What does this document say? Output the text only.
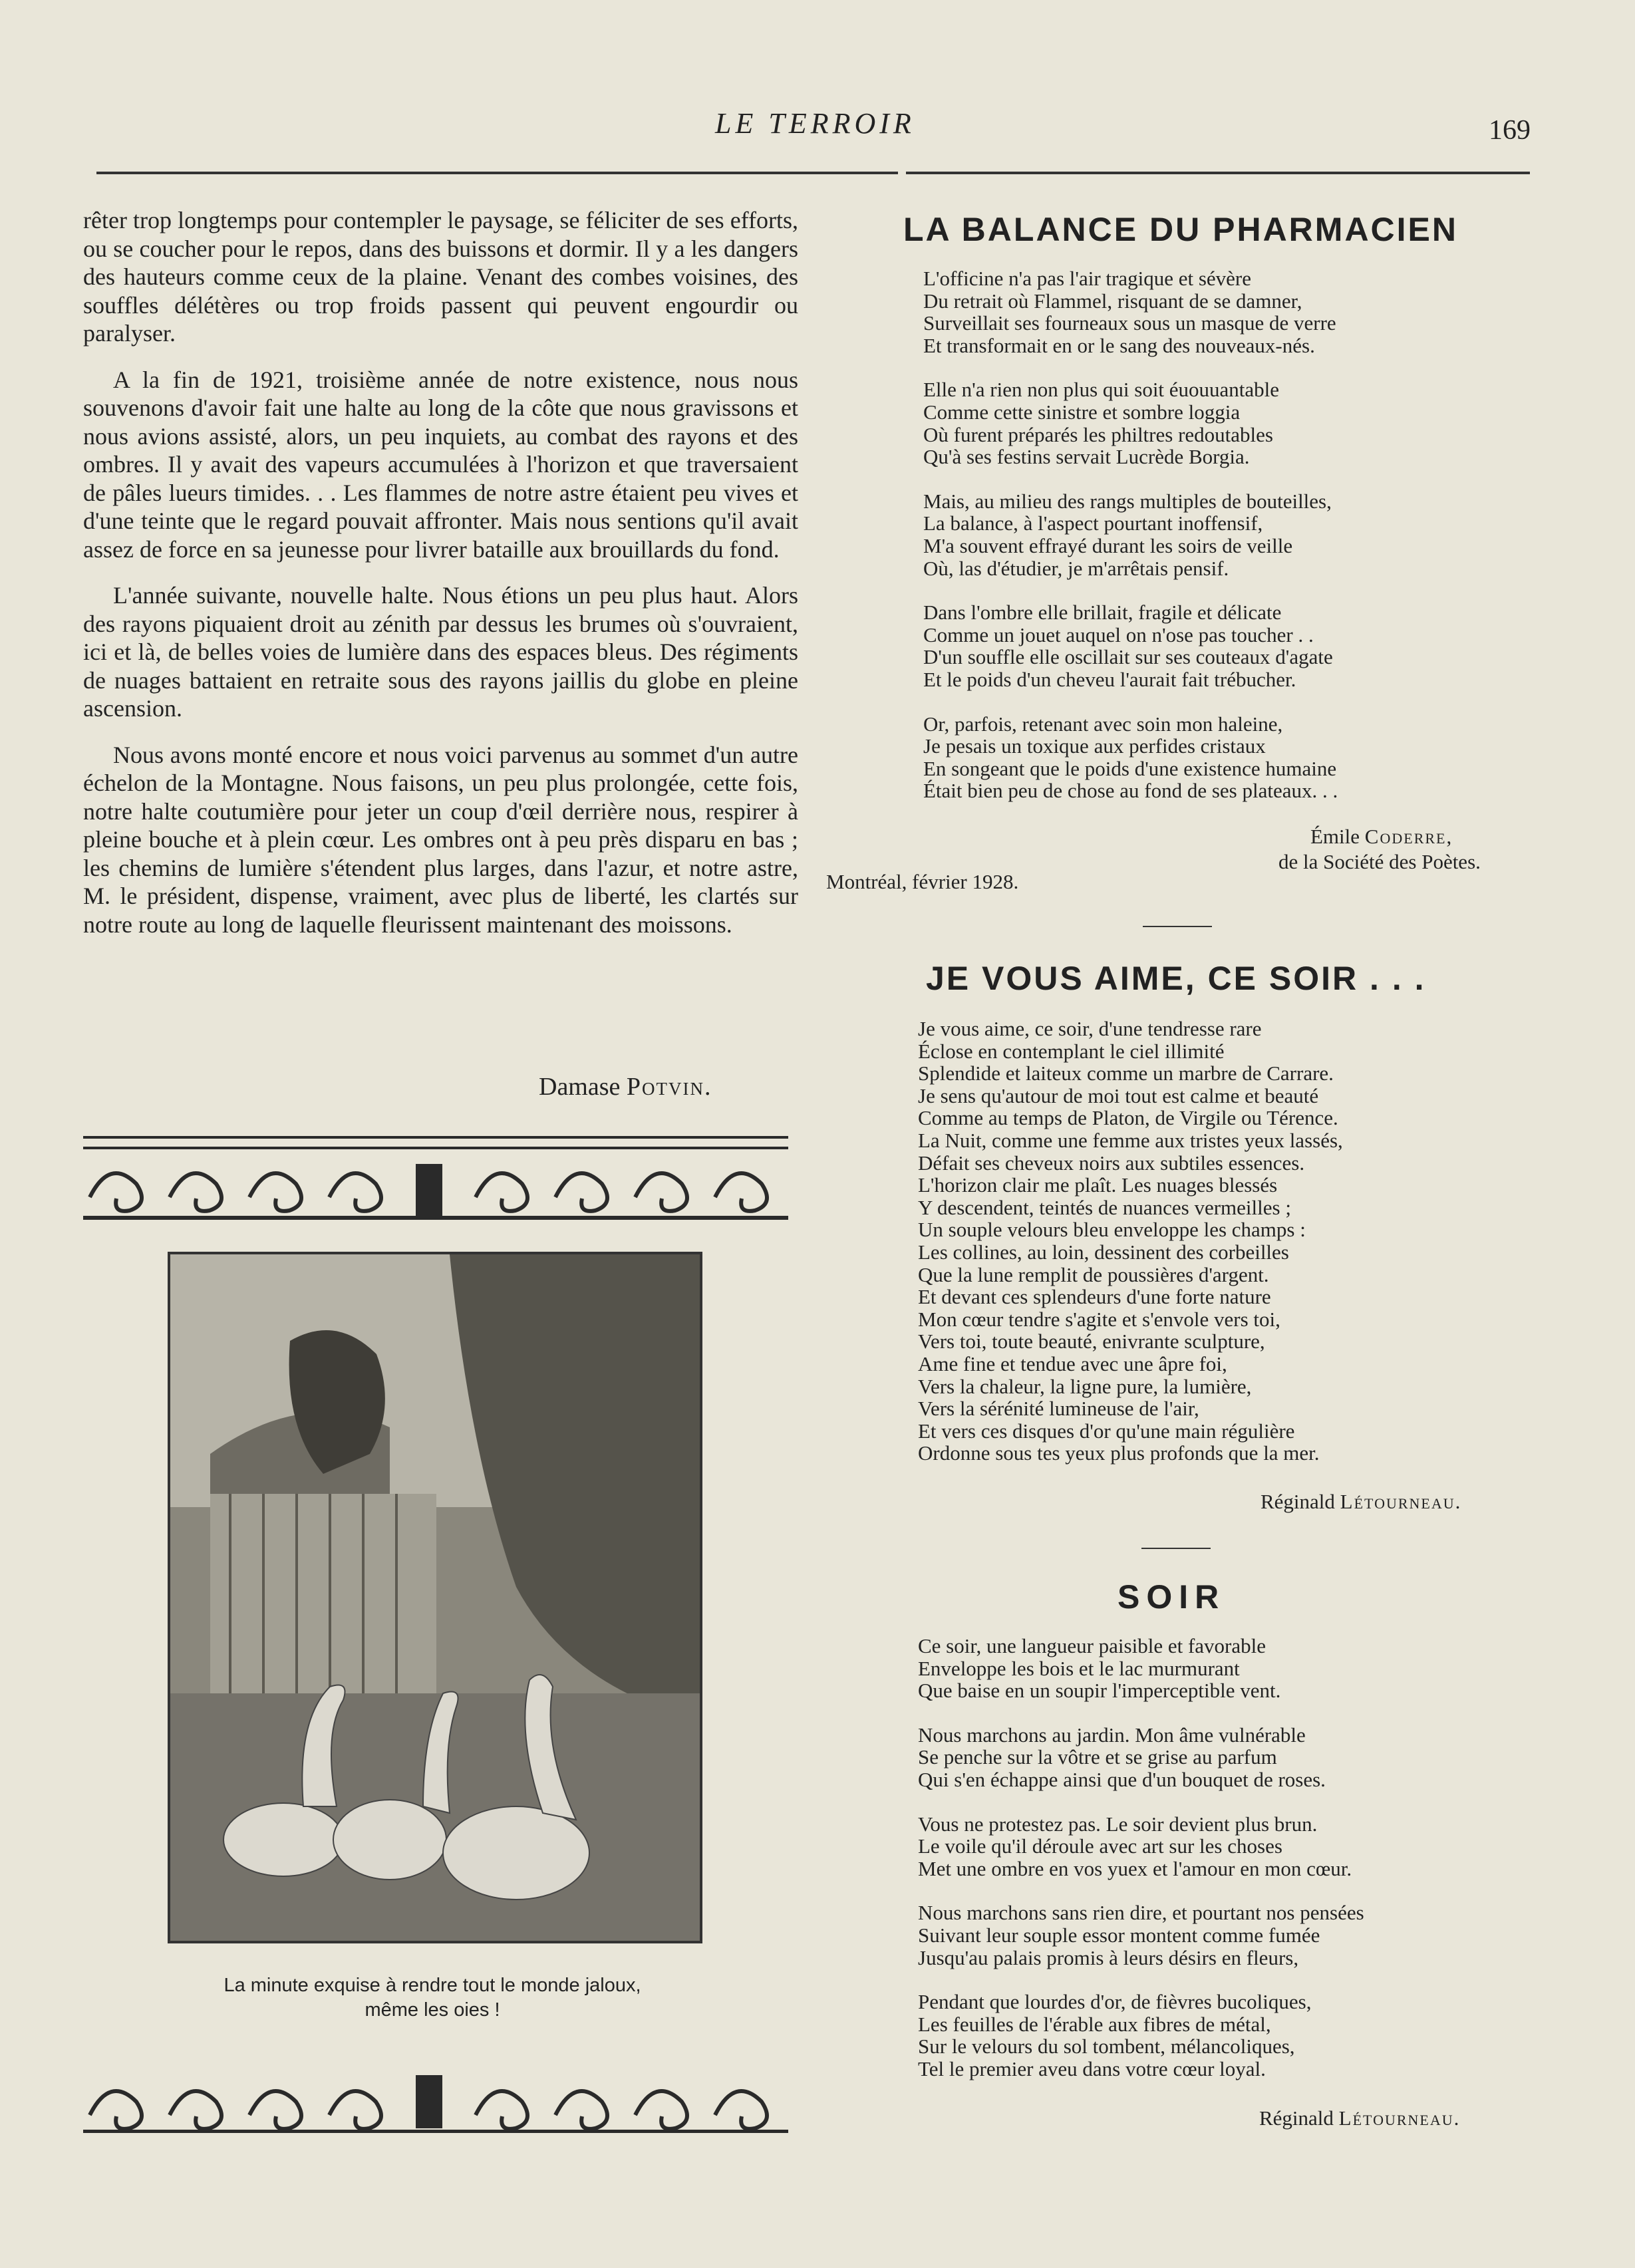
LE TERROIR	169

rêter trop longtemps pour contempler le paysage, se féliciter de ses efforts, ou se coucher pour le repos, dans des buissons et dormir. Il y a les dangers des hauteurs comme ceux de la plaine. Venant des combes voisines, des souffles délétères ou trop froids passent qui peuvent engourdir ou paralyser.

A la fin de 1921, troisième année de notre existence, nous nous souvenons d'avoir fait une halte au long de la côte que nous gravissons et nous avions assisté, alors, un peu inquiets, au combat des rayons et des ombres. Il y avait des vapeurs accumulées à l'horizon et que traversaient de pâles lueurs timides. . . Les flammes de notre astre étaient peu vives et d'une teinte que le regard pouvait affronter. Mais nous sentions qu'il avait assez de force en sa jeunesse pour livrer bataille aux brouillards du fond.

L'année suivante, nouvelle halte. Nous étions un peu plus haut. Alors des rayons piquaient droit au zénith par dessus les brumes où s'ouvraient, ici et là, de belles voies de lumière dans des espaces bleus. Des régiments de nuages battaient en retraite sous des rayons jaillis du globe en pleine ascension.

Nous avons monté encore et nous voici parvenus au sommet d'un autre échelon de la Montagne. Nous faisons, un peu plus prolongée, cette fois, notre halte coutumière pour jeter un coup d'œil derrière nous, respirer à pleine bouche et à plein cœur. Les ombres ont à peu près disparu en bas ; les chemins de lumière s'étendent plus larges, dans l'azur, et notre astre, M. le président, dispense, vraiment, avec plus de liberté, les clartés sur notre route au long de laquelle fleurissent maintenant des moissons.

Damase Potvin.
La minute exquise à rendre tout le monde jaloux,
même les oies !
LA BALANCE DU PHARMACIEN
L'officine n'a pas l'air tragique et sévère
Du retrait où Flammel, risquant de se damner,
Surveillait ses fourneaux sous un masque de verre
Et transformait en or le sang des nouveaux-nés.
Elle n'a rien non plus qui soit éuouuantable
Comme cette sinistre et sombre loggia
Où furent préparés les philtres redoutables
Qu'à ses festins servait Lucrède Borgia.
Mais, au milieu des rangs multiples de bouteilles,
La balance, à l'aspect pourtant inoffensif,
M'a souvent effrayé durant les soirs de veille
Où, las d'étudier, je m'arrêtais pensif.
Dans l'ombre elle brillait, fragile et délicate
Comme un jouet auquel on n'ose pas toucher . .
D'un souffle elle oscillait sur ses couteaux d'agate
Et le poids d'un cheveu l'aurait fait trébucher.
Or, parfois, retenant avec soin mon haleine,
Je pesais un toxique aux perfides cristaux
En songeant que le poids d'une existence humaine
Était bien peu de chose au fond de ses plateaux. . .
Émile Coderre,
de la Société des Poètes.
Montréal, février 1928.
JE VOUS AIME, CE SOIR . . .
Je vous aime, ce soir, d'une tendresse rare
Éclose en contemplant le ciel illimité
Splendide et laiteux comme un marbre de Carrare.
Je sens qu'autour de moi tout est calme et beauté
Comme au temps de Platon, de Virgile ou Térence.
La Nuit, comme une femme aux tristes yeux lassés,
Défait ses cheveux noirs aux subtiles essences.
L'horizon clair me plaît. Les nuages blessés
Y descendent, teintés de nuances vermeilles ;
Un souple velours bleu enveloppe les champs :
Les collines, au loin, dessinent des corbeilles
Que la lune remplit de poussières d'argent.
Et devant ces splendeurs d'une forte nature
Mon cœur tendre s'agite et s'envole vers toi,
Vers toi, toute beauté, enivrante sculpture,
Ame fine et tendue avec une âpre foi,
Vers la chaleur, la ligne pure, la lumière,
Vers la sérénité lumineuse de l'air,
Et vers ces disques d'or qu'une main régulière
Ordonne sous tes yeux plus profonds que la mer.
Réginald Létourneau.
SOIR
Ce soir, une langueur paisible et favorable
Enveloppe les bois et le lac murmurant
Que baise en un soupir l'imperceptible vent.
Nous marchons au jardin. Mon âme vulnérable
Se penche sur la vôtre et se grise au parfum
Qui s'en échappe ainsi que d'un bouquet de roses.
Vous ne protestez pas. Le soir devient plus brun.
Le voile qu'il déroule avec art sur les choses
Met une ombre en vos yuex et l'amour en mon cœur.
Nous marchons sans rien dire, et pourtant nos pensées
Suivant leur souple essor montent comme fumée
Jusqu'au palais promis à leurs désirs en fleurs,
Pendant que lourdes d'or, de fièvres bucoliques,
Les feuilles de l'érable aux fibres de métal,
Sur le velours du sol tombent, mélancoliques,
Tel le premier aveu dans votre cœur loyal.
Réginald Létourneau.
